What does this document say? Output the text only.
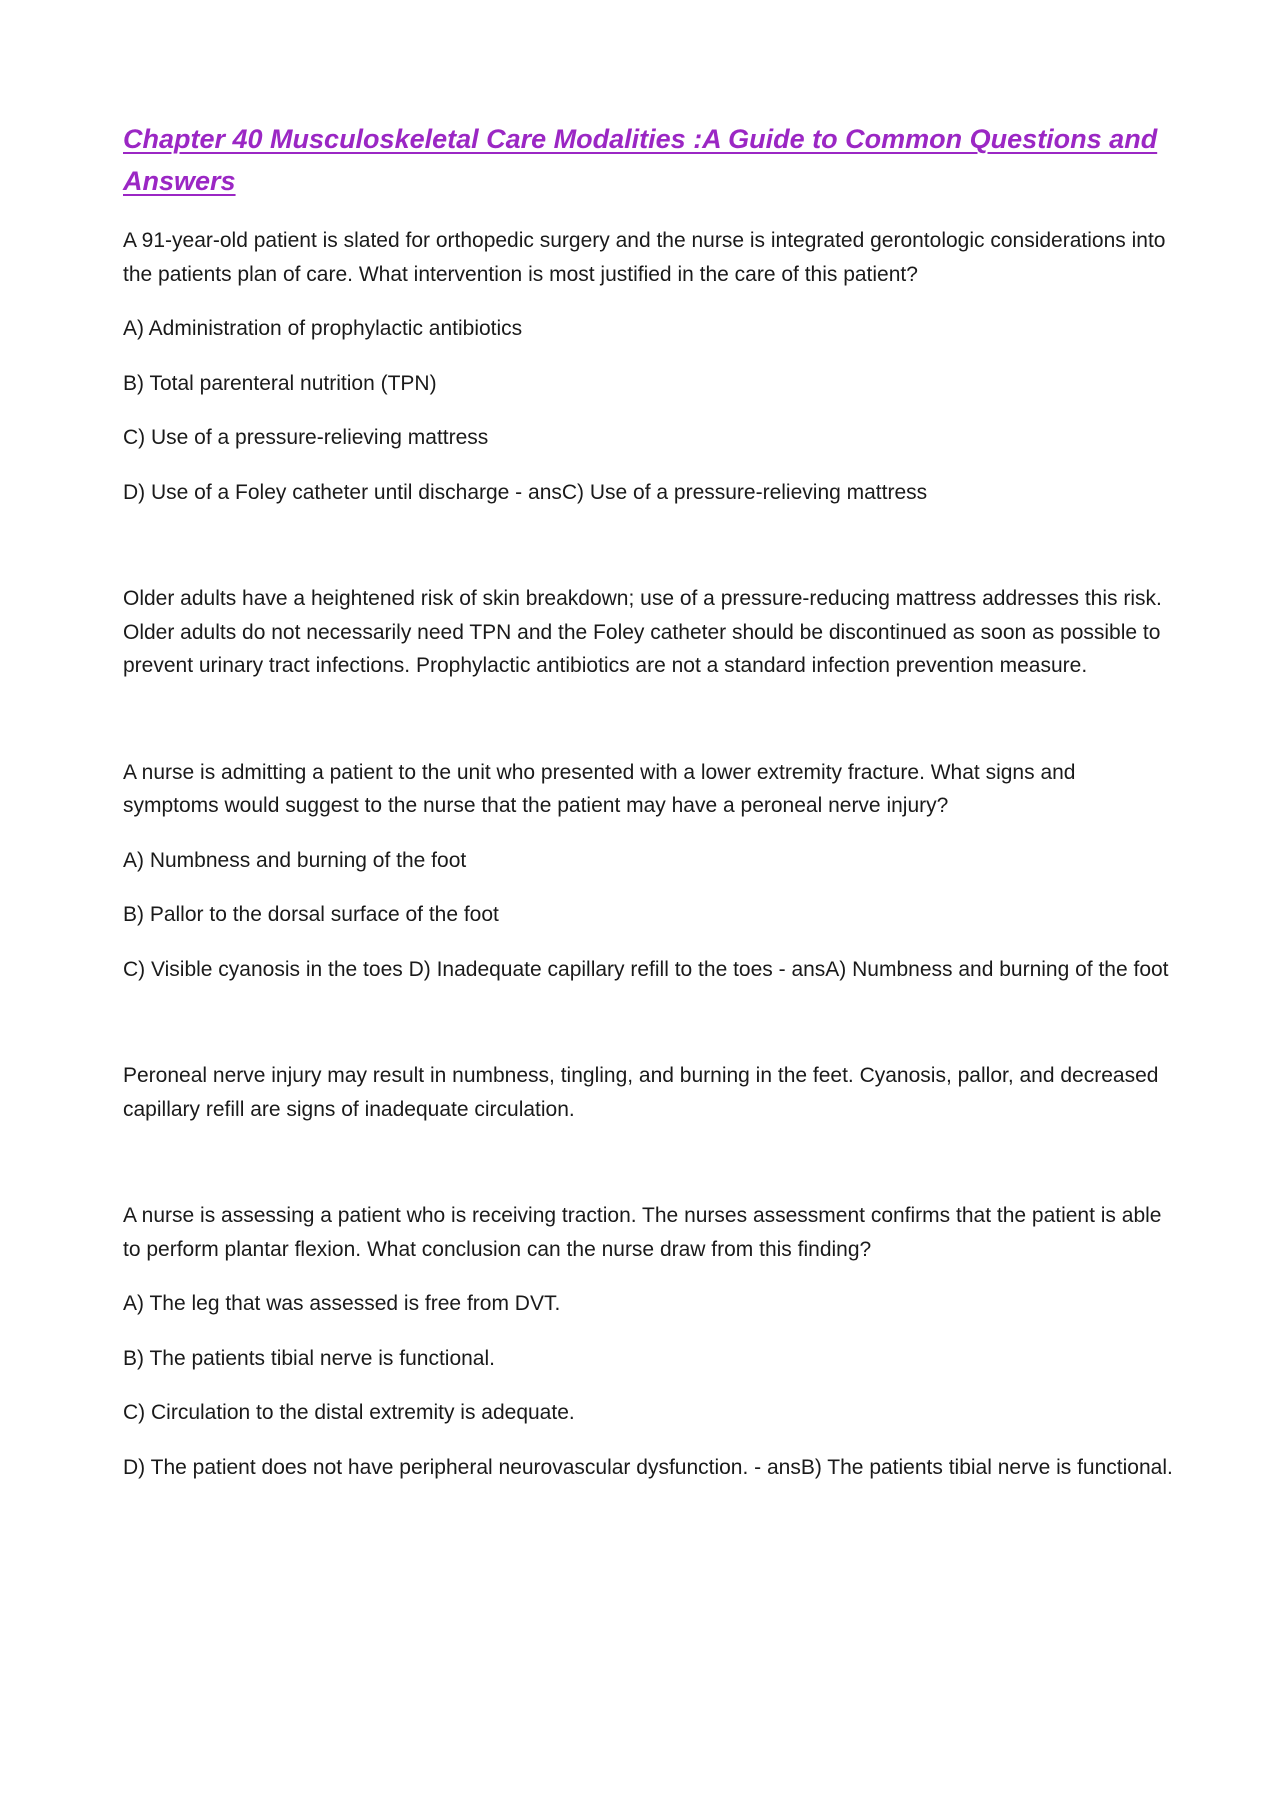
Chapter 40 Musculoskeletal Care Modalities :A Guide to Common Questions and Answers

A 91-year-old patient is slated for orthopedic surgery and the nurse is integrated gerontologic considerations into the patients plan of care. What intervention is most justified in the care of this patient?

A) Administration of prophylactic antibiotics

B) Total parenteral nutrition (TPN)

C) Use of a pressure-relieving mattress

D) Use of a Foley catheter until discharge - ansC) Use of a pressure-relieving mattress

Older adults have a heightened risk of skin breakdown; use of a pressure-reducing mattress addresses this risk. Older adults do not necessarily need TPN and the Foley catheter should be discontinued as soon as possible to prevent urinary tract infections. Prophylactic antibiotics are not a standard infection prevention measure.

A nurse is admitting a patient to the unit who presented with a lower extremity fracture. What signs and symptoms would suggest to the nurse that the patient may have a peroneal nerve injury?

A) Numbness and burning of the foot

B) Pallor to the dorsal surface of the foot

C) Visible cyanosis in the toes D) Inadequate capillary refill to the toes - ansA) Numbness and burning of the foot

Peroneal nerve injury may result in numbness, tingling, and burning in the feet. Cyanosis, pallor, and decreased capillary refill are signs of inadequate circulation.

A nurse is assessing a patient who is receiving traction. The nurses assessment confirms that the patient is able to perform plantar flexion. What conclusion can the nurse draw from this finding?

A) The leg that was assessed is free from DVT.

B) The patients tibial nerve is functional.

C) Circulation to the distal extremity is adequate.

D) The patient does not have peripheral neurovascular dysfunction. - ansB) The patients tibial nerve is functional.
